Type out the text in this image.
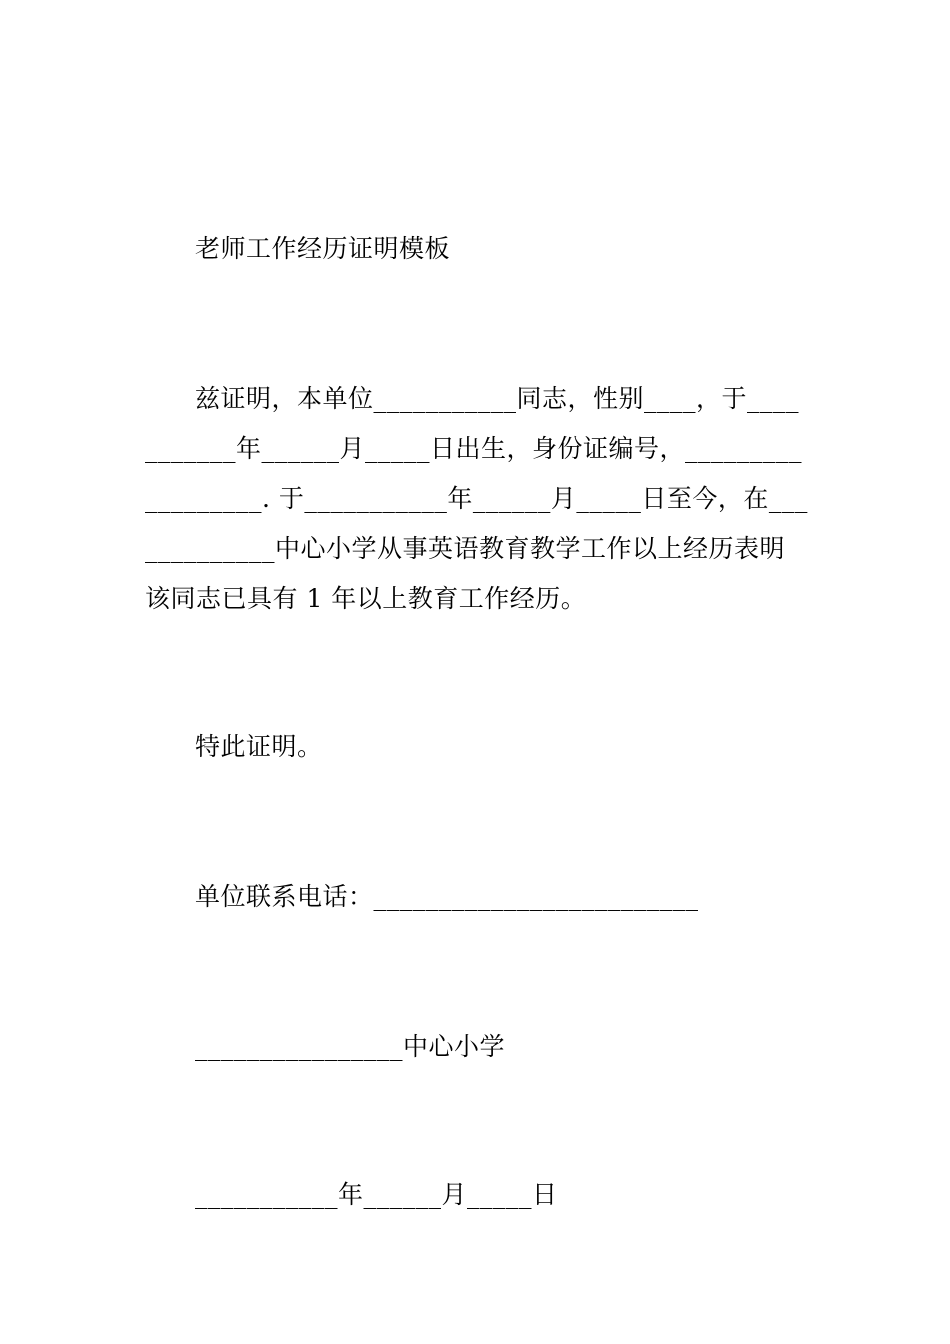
老师工作经历证明模板
兹证明，本单位___________同志，性别____，于____
_______年______月_____日出生，身份证编号，_________
_________. 于___________年______月_____日至今，在___
__________中心小学从事英语教育教学工作以上经历表明
该同志已具有 1 年以上教育工作经历。
特此证明。
单位联系电话：_________________________
________________中心小学
___________年______月_____日
